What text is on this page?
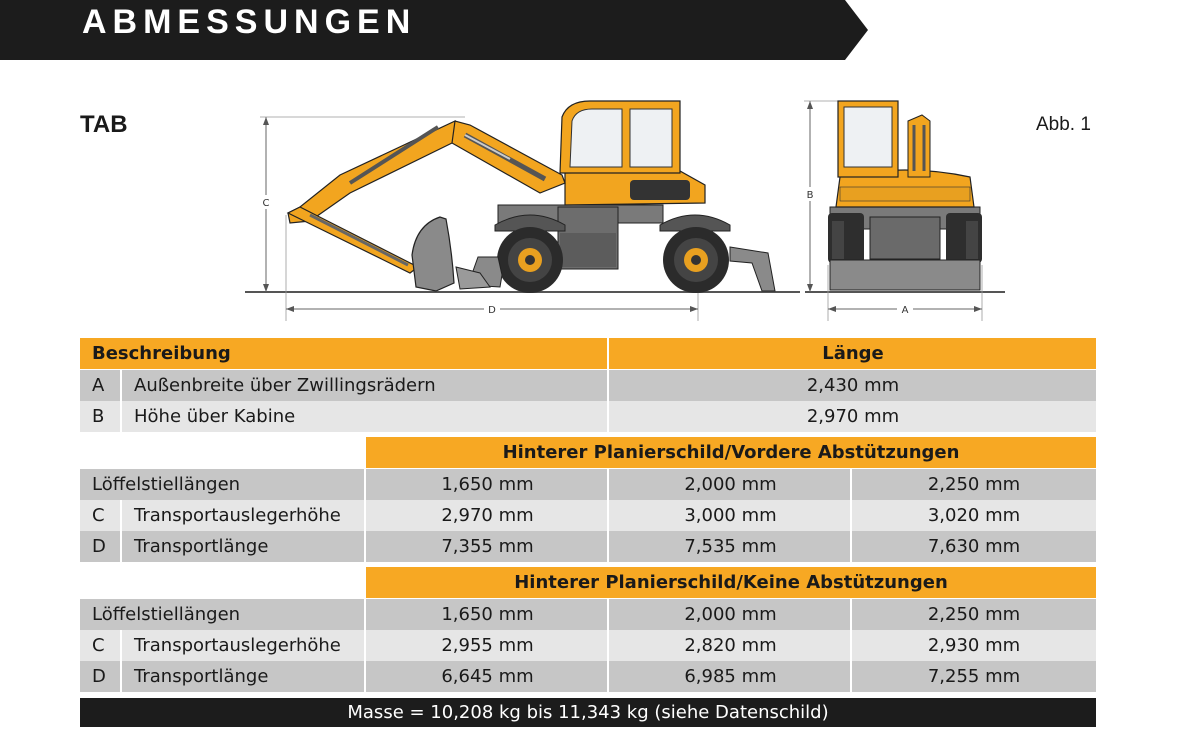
ABMESSUNGEN
TAB	Abb. 1
C
D
B
A
Beschreibung	Länge
A Außenbreite über Zwillingsrädern	2,430 mm
B Höhe über Kabine	2,970 mm
Hinterer Planierschild/Vordere Abstützungen
Löffelstiellängen	1,650 mm	2,000 mm	2,250 mm
C Transportauslegerhöhe	2,970 mm	3,000 mm	3,020 mm
D Transportlänge	7,355 mm	7,535 mm	7,630 mm
Hinterer Planierschild/Keine Abstützungen
Löffelstiellängen	1,650 mm	2,000 mm	2,250 mm
C Transportauslegerhöhe	2,955 mm	2,820 mm	2,930 mm
D Transportlänge	6,645 mm	6,985 mm	7,255 mm
Masse = 10,208 kg bis 11,343 kg (siehe Datenschild)
